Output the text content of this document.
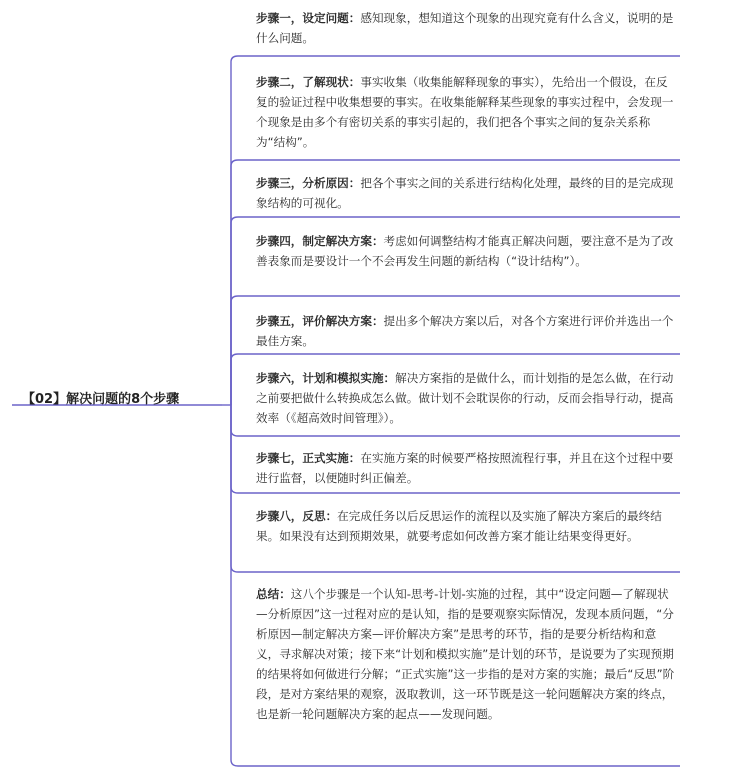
【02】解决问题的8个步骤
步骤一，设定问题：感知现象，想知道这个现象的出现究竟有什么含义，说明的是什么问题。
步骤二，了解现状：事实收集（收集能解释现象的事实），先给出一个假设，在反复的验证过程中收集想要的事实。在收集能解释某些现象的事实过程中，会发现一个现象是由多个有密切关系的事实引起的，我们把各个事实之间的复杂关系称为“结构”。
步骤三，分析原因：把各个事实之间的关系进行结构化处理，最终的目的是完成现象结构的可视化。
步骤四，制定解决方案：考虑如何调整结构才能真正解决问题，要注意不是为了改善表象而是要设计一个不会再发生问题的新结构（“设计结构”）。
步骤五，评价解决方案：提出多个解决方案以后，对各个方案进行评价并选出一个最佳方案。
步骤六，计划和模拟实施：解决方案指的是做什么，而计划指的是怎么做，在行动之前要把做什么转换成怎么做。做计划不会耽误你的行动，反而会指导行动，提高效率（《超高效时间管理》）。
步骤七，正式实施：在实施方案的时候要严格按照流程行事，并且在这个过程中要进行监督，以便随时纠正偏差。
步骤八，反思：在完成任务以后反思运作的流程以及实施了解决方案后的最终结果。如果没有达到预期效果，就要考虑如何改善方案才能让结果变得更好。
总结：这八个步骤是一个认知-思考-计划-实施的过程，其中“设定问题—了解现状—分析原因”这一过程对应的是认知，指的是要观察实际情况，发现本质问题，“分析原因—制定解决方案—评价解决方案”是思考的环节，指的是要分析结构和意义，寻求解决对策；接下来“计划和模拟实施”是计划的环节，是说要为了实现预期的结果将如何做进行分解；“正式实施”这一步指的是对方案的实施；最后“反思”阶段，是对方案结果的观察，汲取教训，这一环节既是这一轮问题解决方案的终点，也是新一轮问题解决方案的起点——发现问题。
